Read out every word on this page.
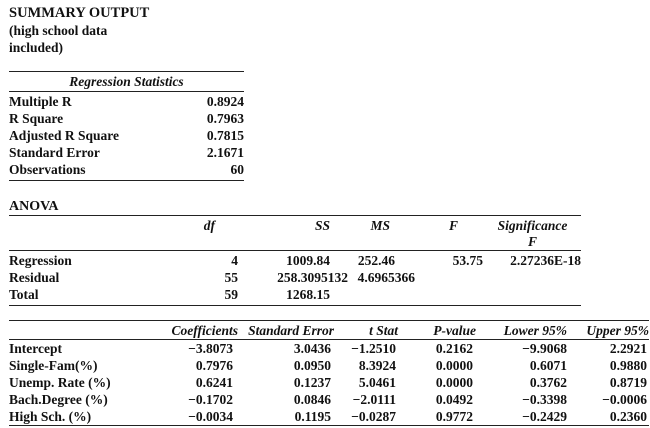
SUMMARY OUTPUT
(high school data
included)
Regression Statistics
Multiple R	0.8924
R Square	0.7963
Adjusted R Square	0.7815
Standard Error	2.1671
Observations	60
ANOVA
df	SS	MS	F	Significance
F
Regression	4	1009.84	252.46	53.75	2.27236E-18
Residual	55	258.3095132 4.6965366
Total	59	1268.15
Coefficients Standard Error	t Stat	P-value	Lower 95%	Upper 95%
Intercept	−3.8073	3.0436	−1.2510	0.2162	−9.9068	2.2921
Single-Fam(%)	0.7976	0.0950	8.3924	0.0000	0.6071	0.9880
Unemp. Rate (%)	0.6241	0.1237	5.0461	0.0000	0.3762	0.8719
Bach.Degree (%)	−0.1702	0.0846	−2.0111	0.0492	−0.3398	−0.0006
High Sch. (%)	−0.0034	0.1195	−0.0287	0.9772	−0.2429	0.2360
